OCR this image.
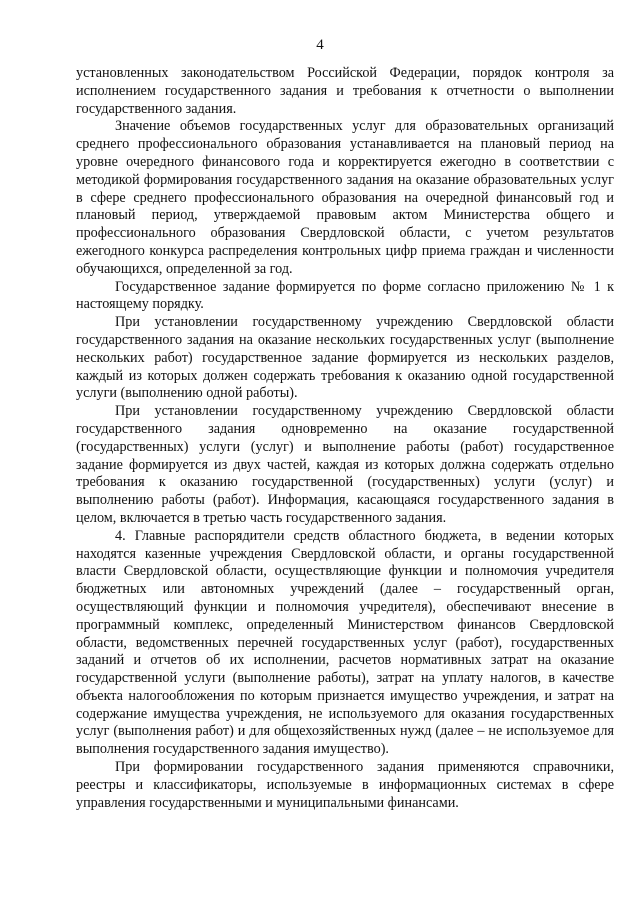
4

установленных законодательством Российской Федерации, порядок контроля за исполнением государственного задания и требования к отчетности о выполнении государственного задания.

Значение объемов государственных услуг для образовательных организаций среднего профессионального образования устанавливается на плановый период на уровне очередного финансового года и корректируется ежегодно в соответствии с методикой формирования государственного задания на оказание образовательных услуг в сфере среднего профессионального образования на очередной финансовый год и плановый период, утверждаемой правовым актом Министерства общего и профессионального образования Свердловской области, с учетом результатов ежегодного конкурса распределения контрольных цифр приема граждан и численности обучающихся, определенной за год.

Государственное задание формируется по форме согласно приложению № 1 к настоящему порядку.

При установлении государственному учреждению Свердловской области государственного задания на оказание нескольких государственных услуг (выполнение нескольких работ) государственное задание формируется из нескольких разделов, каждый из которых должен содержать требования к оказанию одной государственной услуги (выполнению одной работы).

При установлении государственному учреждению Свердловской области государственного задания одновременно на оказание государственной (государственных) услуги (услуг) и выполнение работы (работ) государственное задание формируется из двух частей, каждая из которых должна содержать отдельно требования к оказанию государственной (государственных) услуги (услуг) и выполнению работы (работ). Информация, касающаяся государственного задания в целом, включается в третью часть государственного задания.

4. Главные распорядители средств областного бюджета, в ведении которых находятся казенные учреждения Свердловской области, и органы государственной власти Свердловской области, осуществляющие функции и полномочия учредителя бюджетных или автономных учреждений (далее – государственный орган, осуществляющий функции и полномочия учредителя), обеспечивают внесение в программный комплекс, определенный Министерством финансов Свердловской области, ведомственных перечней государственных услуг (работ), государственных заданий и отчетов об их исполнении, расчетов нормативных затрат на оказание государственной услуги (выполнение работы), затрат на уплату налогов, в качестве объекта налогообложения по которым признается имущество учреждения, и затрат на содержание имущества учреждения, не используемого для оказания государственных услуг (выполнения работ) и для общехозяйственных нужд (далее – не используемое для выполнения государственного задания имущество).

При формировании государственного задания применяются справочники, реестры и классификаторы, используемые в информационных системах в сфере управления государственными и муниципальными финансами.
